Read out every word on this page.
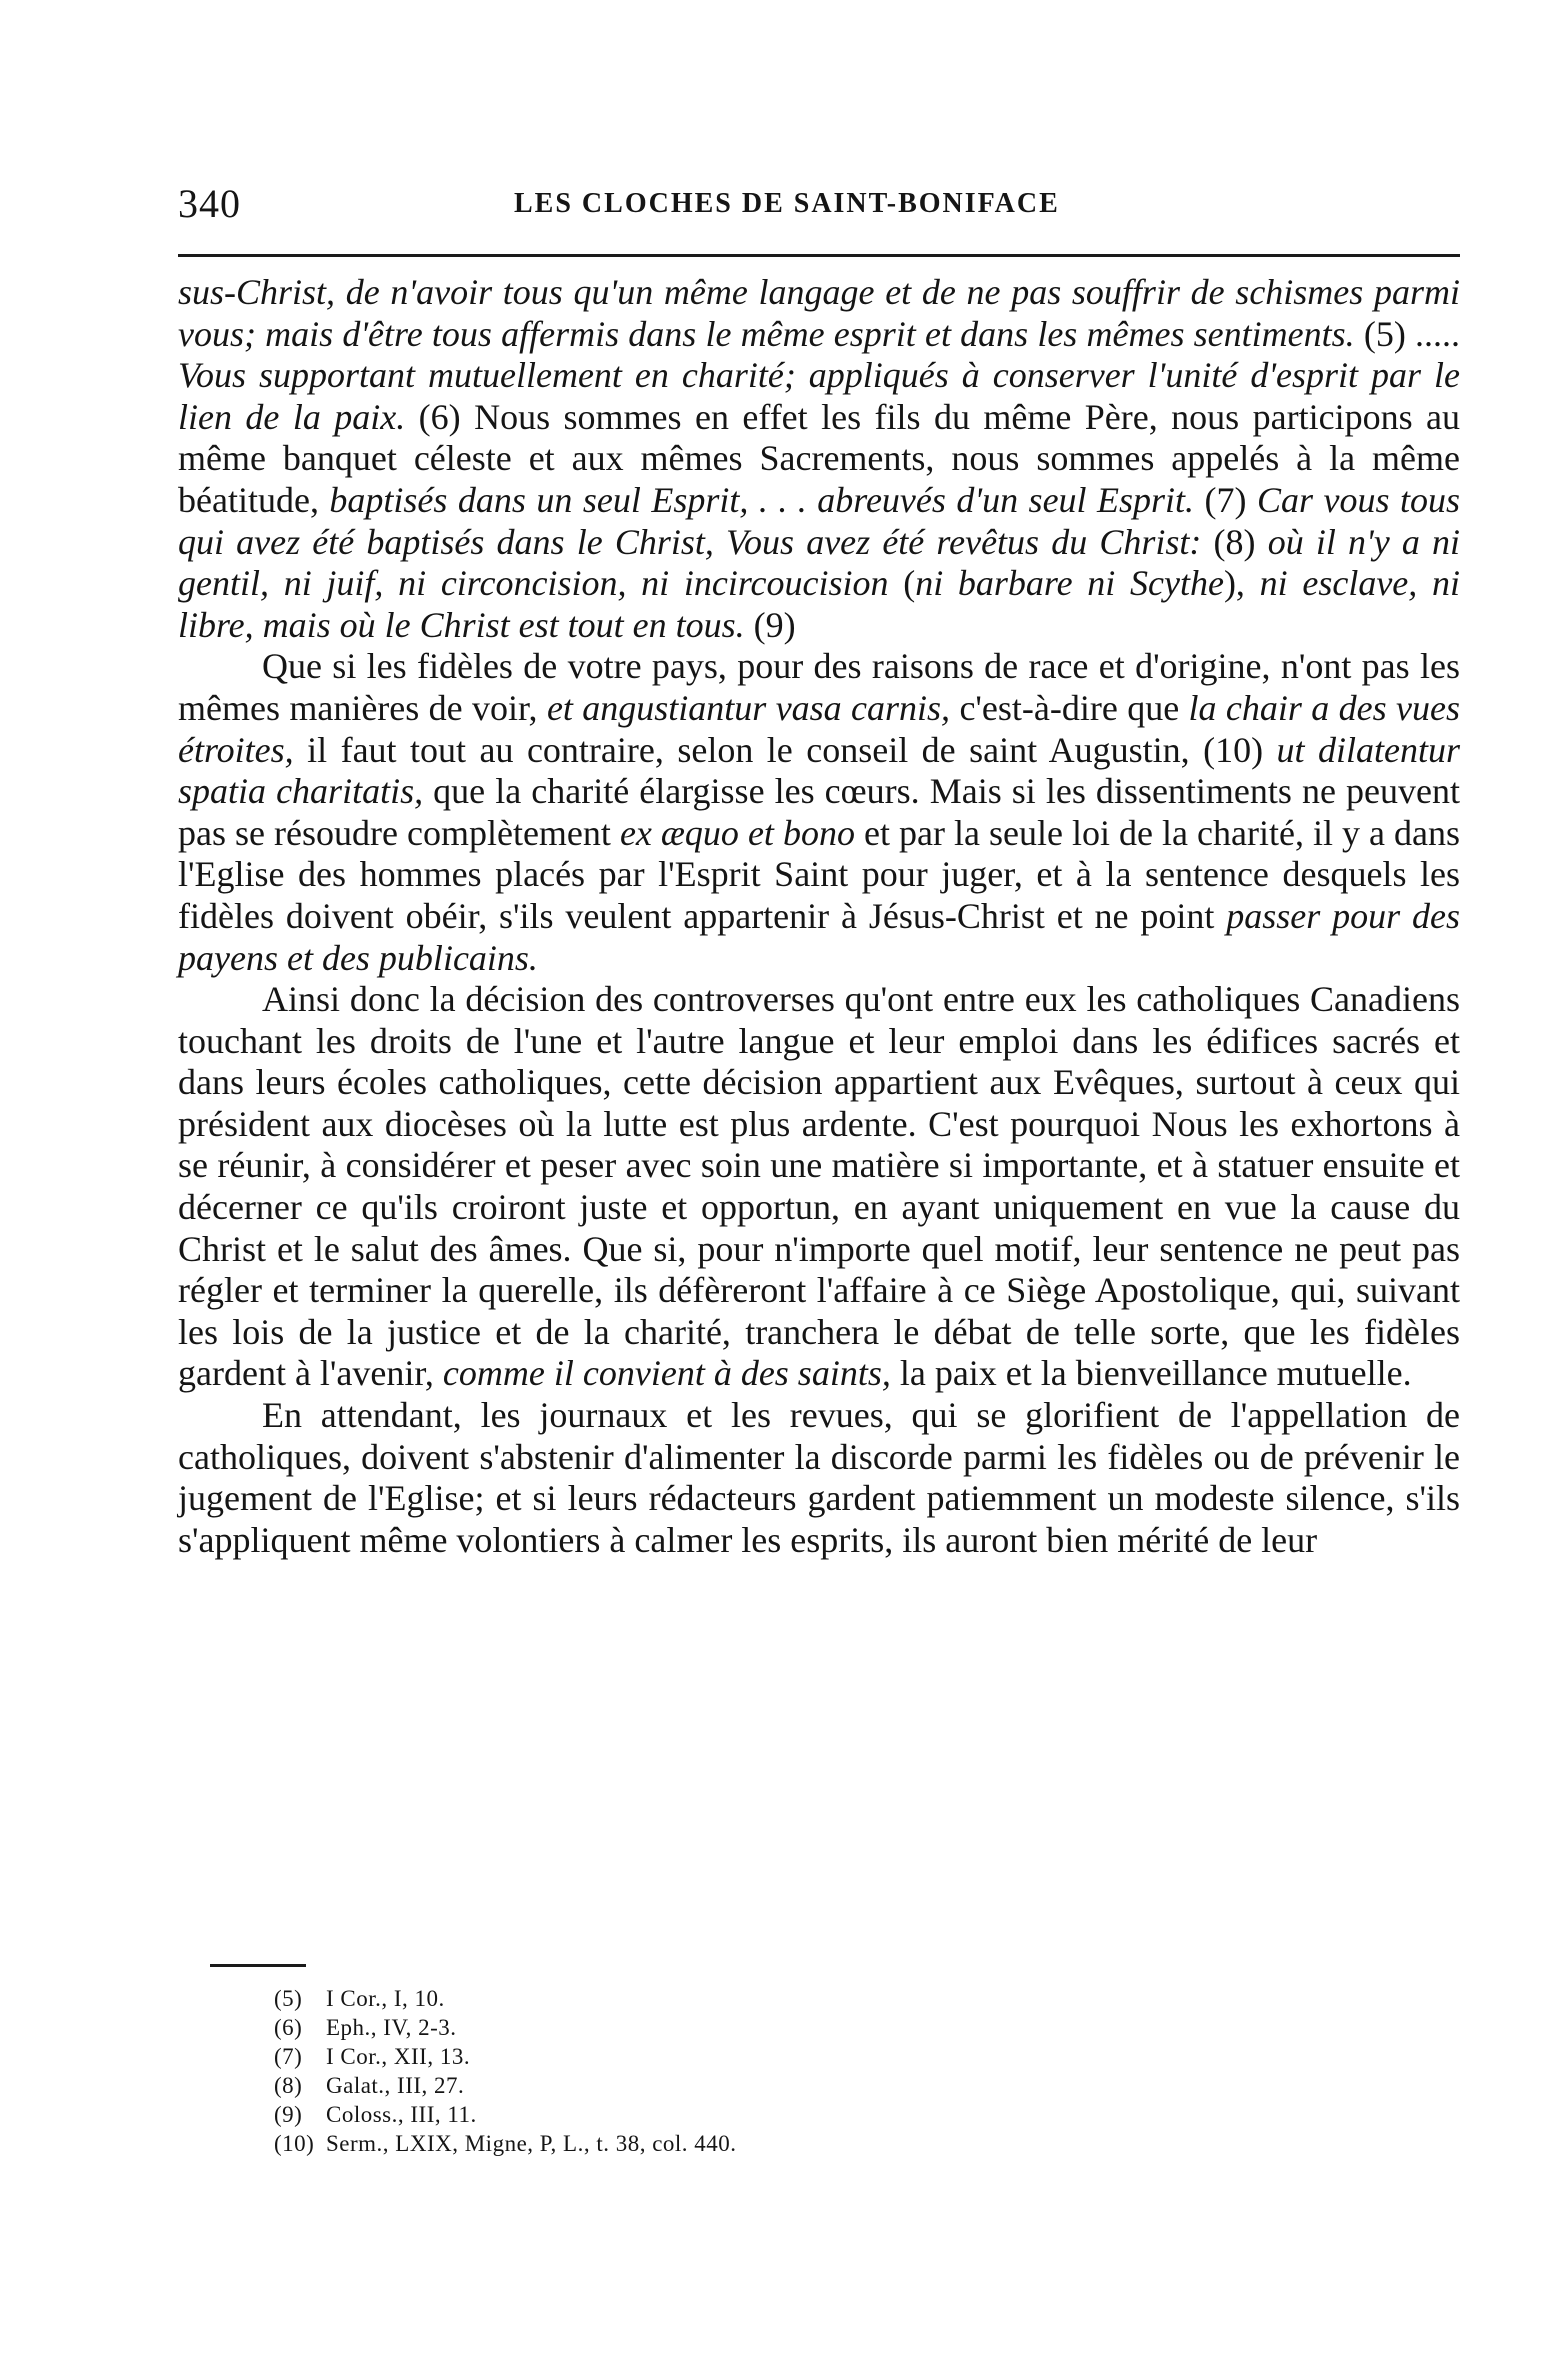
340	LES CLOCHES DE SAINT-BONIFACE

sus-Christ, de n'avoir tous qu'un même langage et de ne pas souffrir de schismes parmi vous; mais d'être tous affermis dans le même esprit et dans les mêmes sentiments. (5) ..... Vous supportant mutuellement en charité; appliqués à conserver l'unité d'esprit par le lien de la paix. (6) Nous sommes en effet les fils du même Père, nous participons au même banquet céleste et aux mêmes Sacrements, nous sommes appelés à la même béatitude, baptisés dans un seul Esprit, . . . abreuvés d'un seul Esprit. (7) Car vous tous qui avez été baptisés dans le Christ, Vous avez été revêtus du Christ: (8) où il n'y a ni gentil, ni juif, ni circoncision, ni incircoucision (ni barbare ni Scythe), ni esclave, ni libre, mais où le Christ est tout en tous. (9)

Que si les fidèles de votre pays, pour des raisons de race et d'origine, n'ont pas les mêmes manières de voir, et angustiantur vasa carnis, c'est-à-dire que la chair a des vues étroites, il faut tout au contraire, selon le conseil de saint Augustin, (10) ut dilatentur spatia charitatis, que la charité élargisse les cœurs. Mais si les dissentiments ne peuvent pas se résoudre complètement ex æquo et bono et par la seule loi de la charité, il y a dans l'Eglise des hommes placés par l'Esprit Saint pour juger, et à la sentence desquels les fidèles doivent obéir, s'ils veulent appartenir à Jésus-Christ et ne point passer pour des payens et des publicains.

Ainsi donc la décision des controverses qu'ont entre eux les catholiques Canadiens touchant les droits de l'une et l'autre langue et leur emploi dans les édifices sacrés et dans leurs écoles catholiques, cette décision appartient aux Evêques, surtout à ceux qui président aux diocèses où la lutte est plus ardente. C'est pourquoi Nous les exhortons à se réunir, à considérer et peser avec soin une matière si importante, et à statuer ensuite et décerner ce qu'ils croiront juste et opportun, en ayant uniquement en vue la cause du Christ et le salut des âmes. Que si, pour n'importe quel motif, leur sentence ne peut pas régler et terminer la querelle, ils défèreront l'affaire à ce Siège Apostolique, qui, suivant les lois de la justice et de la charité, tranchera le débat de telle sorte, que les fidèles gardent à l'avenir, comme il convient à des saints, la paix et la bienveillance mutuelle.

En attendant, les journaux et les revues, qui se glorifient de l'appellation de catholiques, doivent s'abstenir d'alimenter la discorde parmi les fidèles ou de prévenir le jugement de l'Eglise; et si leurs rédacteurs gardent patiemment un modeste silence, s'ils s'appliquent même volontiers à calmer les esprits, ils auront bien mérité de leur

(5) I Cor., I, 10.
(6) Eph., IV, 2-3.
(7) I Cor., XII, 13.
(8) Galat., III, 27.
(9) Coloss., III, 11.
(10) Serm., LXIX, Migne, P, L., t. 38, col. 440.
